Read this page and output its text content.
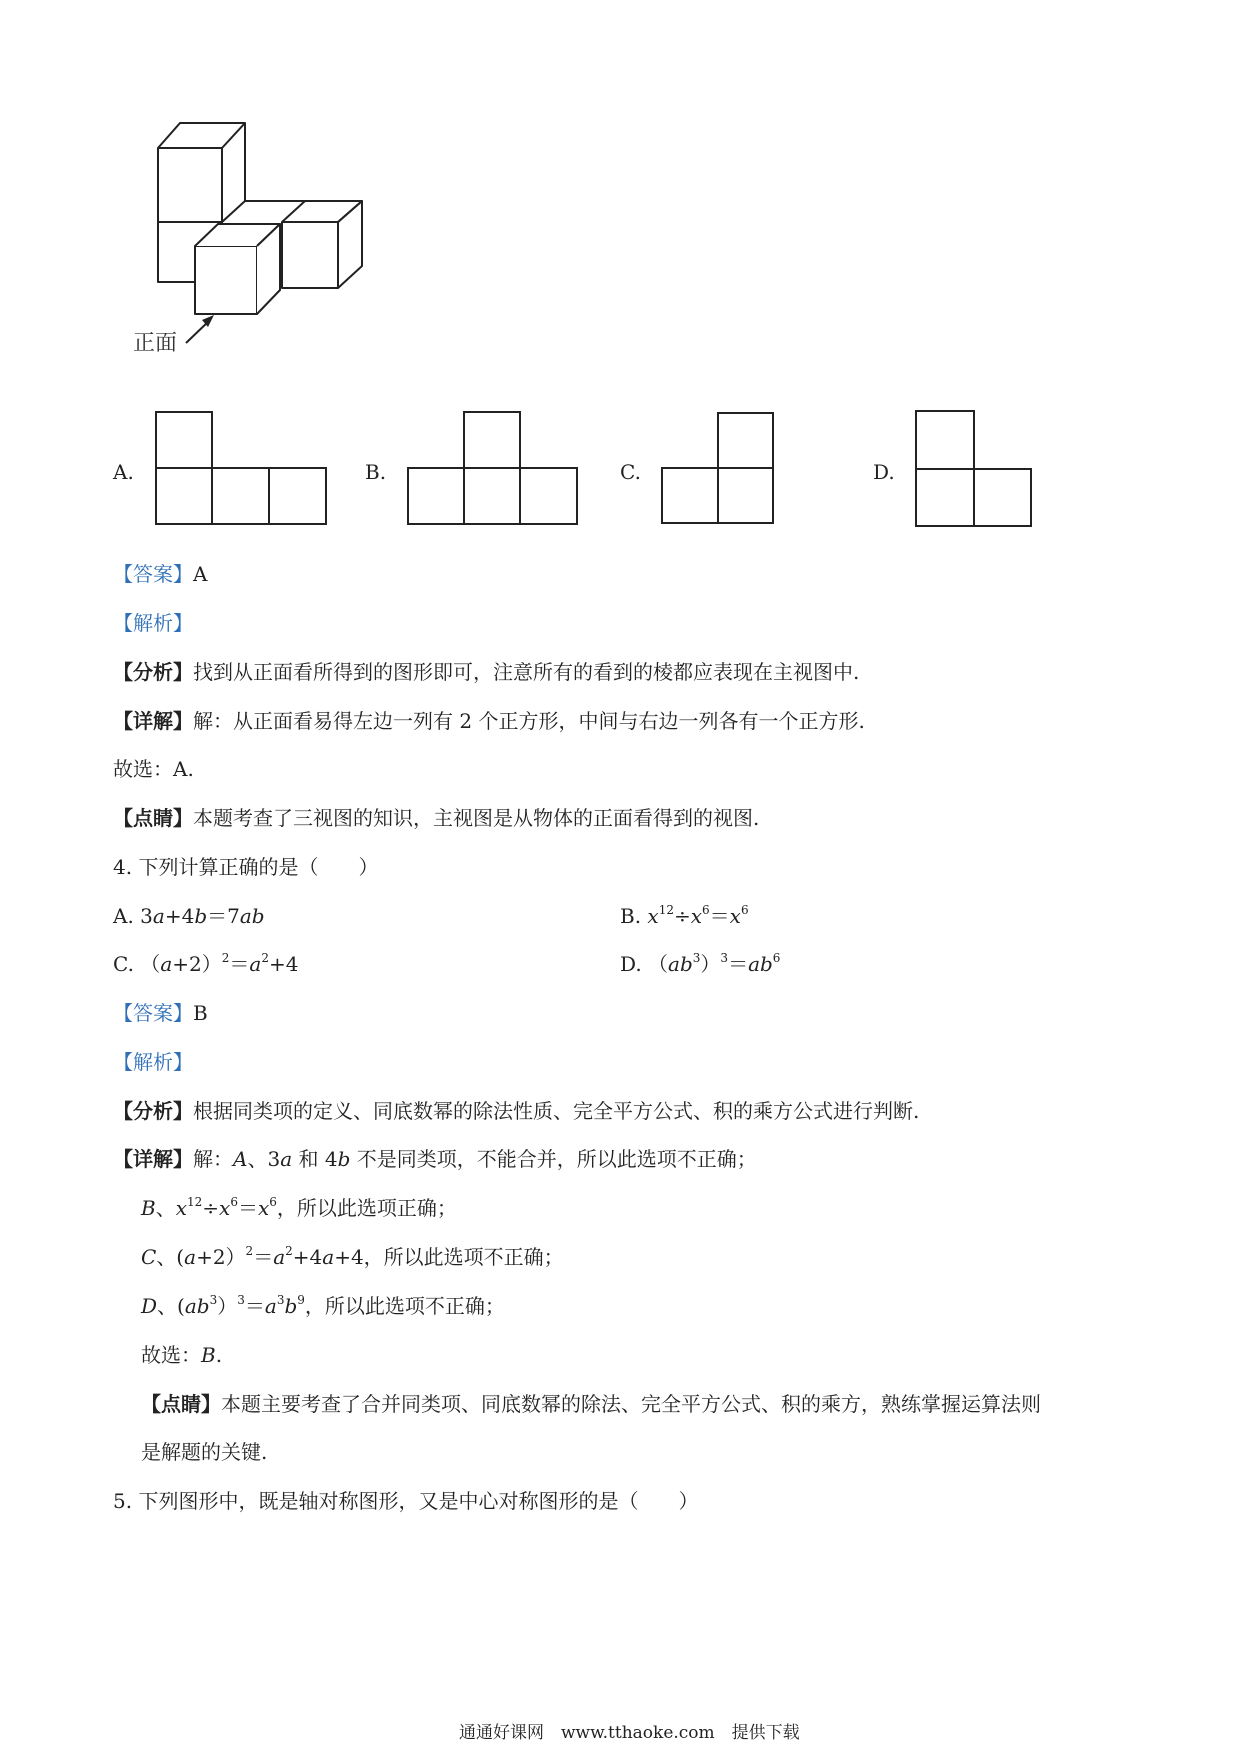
正面
A.	B.	C.	D.
【答案】A
【解析】
【分析】找到从正面看所得到的图形即可，注意所有的看到的棱都应表现在主视图中.
【详解】解：从正面看易得左边一列有 2 个正方形，中间与右边一列各有一个正方形.
故选：A.
【点睛】本题考查了三视图的知识，主视图是从物体的正面看得到的视图.
4. 下列计算正确的是（　　）
A. 3a+4b＝7ab	B. $x^{12}\div x^6=x^6$
C. $(a+2)^2=a^2+4$	D. $(ab^3)^3=ab^6$
【答案】B
【解析】
【分析】根据同类项的定义、同底数幂的除法性质、完全平方公式、积的乘方公式进行判断.
【详解】解：A、3a 和 4b 不是同类项，不能合并，所以此选项不正确；
B、$x^{12}\div x^6=x^6$，所以此选项正确；
C、$(a+2)^2=a^2+4a+4$，所以此选项不正确；
D、$(ab^3)^3=a^3b^9$，所以此选项不正确；
故选：B.
【点睛】本题主要考查了合并同类项、同底数幂的除法、完全平方公式、积的乘方，熟练掌握运算法则
是解题的关键.
5. 下列图形中，既是轴对称图形，又是中心对称图形的是（　　）
通通好课网　www.tthaoke.com　提供下载
